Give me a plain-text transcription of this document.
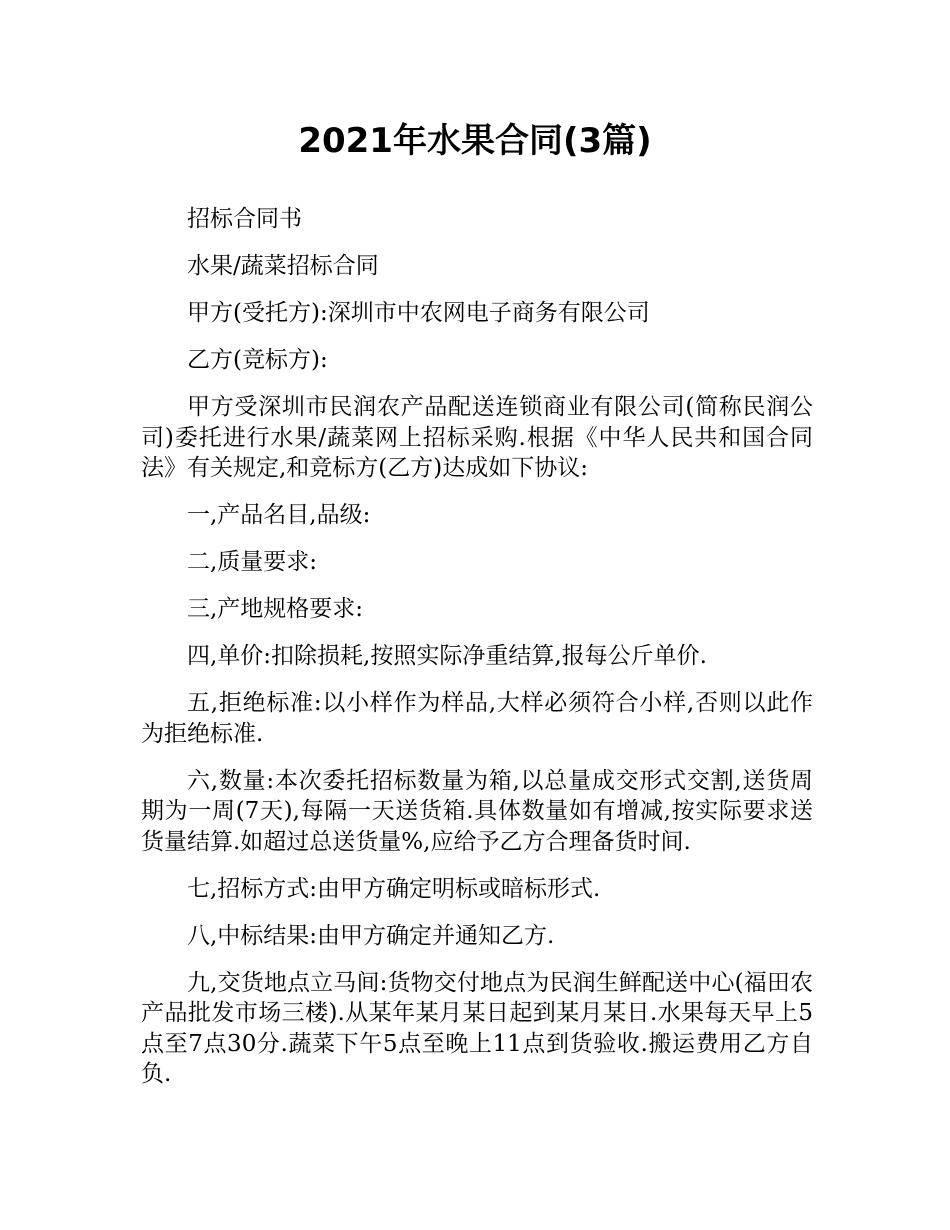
2021年水果合同(3篇)

招标合同书

水果/蔬菜招标合同

甲方(受托方):深圳市中农网电子商务有限公司

乙方(竞标方):

甲方受深圳市民润农产品配送连锁商业有限公司(简称民润公司)委托进行水果/蔬菜网上招标采购.根据《中华人民共和国合同法》有关规定,和竞标方(乙方)达成如下协议:

一,产品名目,品级:

二,质量要求:

三,产地规格要求:

四,单价:扣除损耗,按照实际净重结算,报每公斤单价.

五,拒绝标准:以小样作为样品,大样必须符合小样,否则以此作为拒绝标准.

六,数量:本次委托招标数量为箱,以总量成交形式交割,送货周期为一周(7天),每隔一天送货箱.具体数量如有增减,按实际要求送货量结算.如超过总送货量%,应给予乙方合理备货时间.

七,招标方式:由甲方确定明标或暗标形式.

八,中标结果:由甲方确定并通知乙方.

九,交货地点立马间:货物交付地点为民润生鲜配送中心(福田农产品批发市场三楼).从某年某月某日起到某月某日.水果每天早上5点至7点30分.蔬菜下午5点至晚上11点到货验收.搬运费用乙方自负.
